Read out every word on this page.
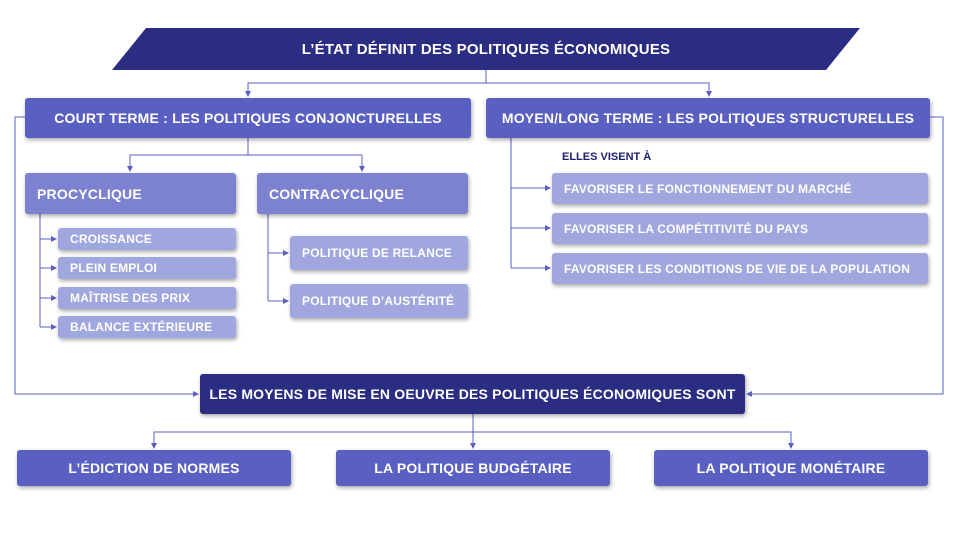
L’ÉTAT DÉFINIT DES POLITIQUES ÉCONOMIQUES
COURT TERME : LES POLITIQUES CONJONCTURELLES	MOYEN/LONG TERME : LES POLITIQUES STRUCTURELLES
PROCYCLIQUE	CONTRACYCLIQUE
CROISSANCE
PLEIN EMPLOI
MAÎTRISE DES PRIX
BALANCE EXTÉRIEURE
POLITIQUE DE RELANCE
POLITIQUE D’AUSTÉRITÉ
ELLES VISENT À
FAVORISER LE FONCTIONNEMENT DU MARCHÉ
FAVORISER LA COMPÉTITIVITÉ DU PAYS
FAVORISER LES CONDITIONS DE VIE DE LA POPULATION
LES MOYENS DE MISE EN OEUVRE DES POLITIQUES ÉCONOMIQUES SONT
L’ÉDICTION DE NORMES	LA POLITIQUE BUDGÉTAIRE	LA POLITIQUE MONÉTAIRE
